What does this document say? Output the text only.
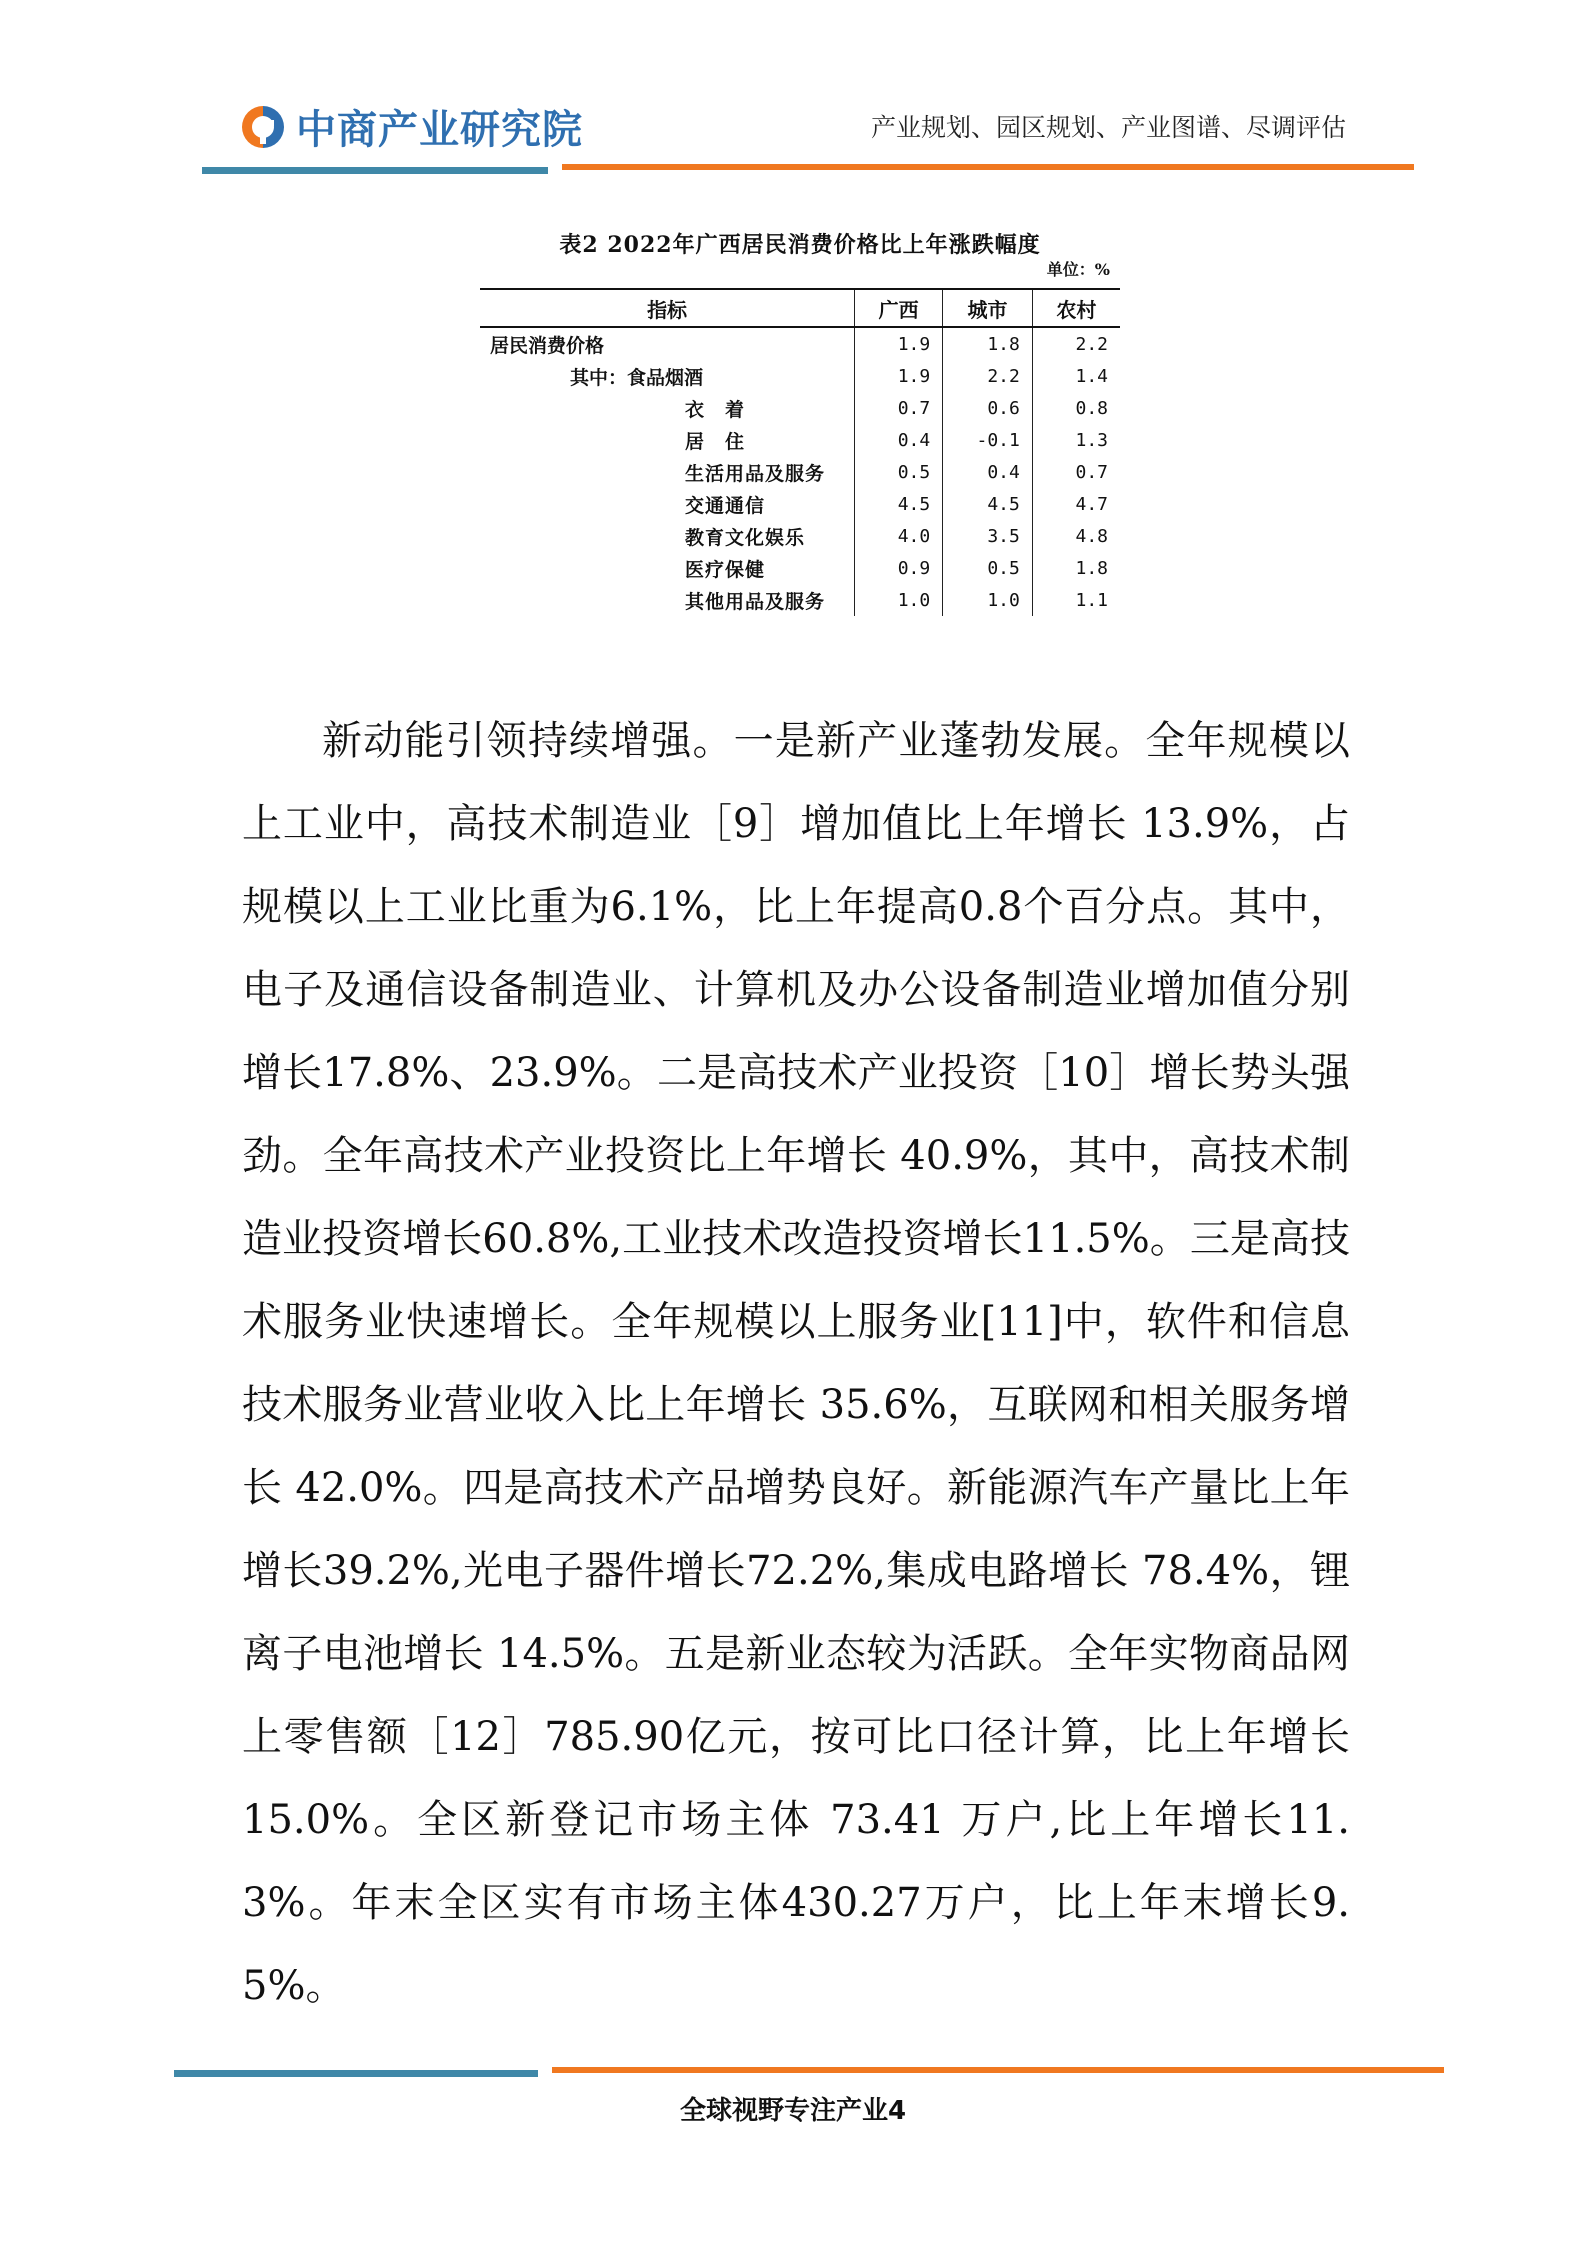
中商产业研究院	产业规划、园区规划、产业图谱、尽调评估
表2 2022年广西居民消费价格比上年涨跌幅度
单位：%
指标	广西	城市	农村
居民消费价格	1.9	1.8	2.2
其中：食品烟酒	1.9	2.2	1.4
衣　着	0.7	0.6	0.8
居　住	0.4	-0.1	1.3
生活用品及服务	0.5	0.4	0.7
交通通信	4.5	4.5	4.7
教育文化娱乐	4.0	3.5	4.8
医疗保健	0.9	0.5	1.8
其他用品及服务	1.0	1.0	1.1

新动能引领持续增强。一是新产业蓬勃发展。全年规模以上工业中，高技术制造业［9］增加值比上年增长 13.9%，占规模以上工业比重为6.1%，比上年提高0.8个百分点。其中，电子及通信设备制造业、计算机及办公设备制造业增加值分别增长17.8%、23.9%。二是高技术产业投资［10］增长势头强劲。全年高技术产业投资比上年增长 40.9%，其中，高技术制造业投资增长60.8%,工业技术改造投资增长11.5%。三是高技术服务业快速增长。全年规模以上服务业[11]中，软件和信息技术服务业营业收入比上年增长 35.6%，互联网和相关服务增长 42.0%。四是高技术产品增势良好。新能源汽车产量比上年增长39.2%,光电子器件增长72.2%,集成电路增长 78.4%，锂离子电池增长 14.5%。五是新业态较为活跃。全年实物商品网上零售额［12］785.90亿元，按可比口径计算，比上年增长 15.0%。全区新登记市场主体 73.41 万户,比上年增长11.3%。年末全区实有市场主体430.27万户，比上年末增长9.5%。

全球视野专注产业4
